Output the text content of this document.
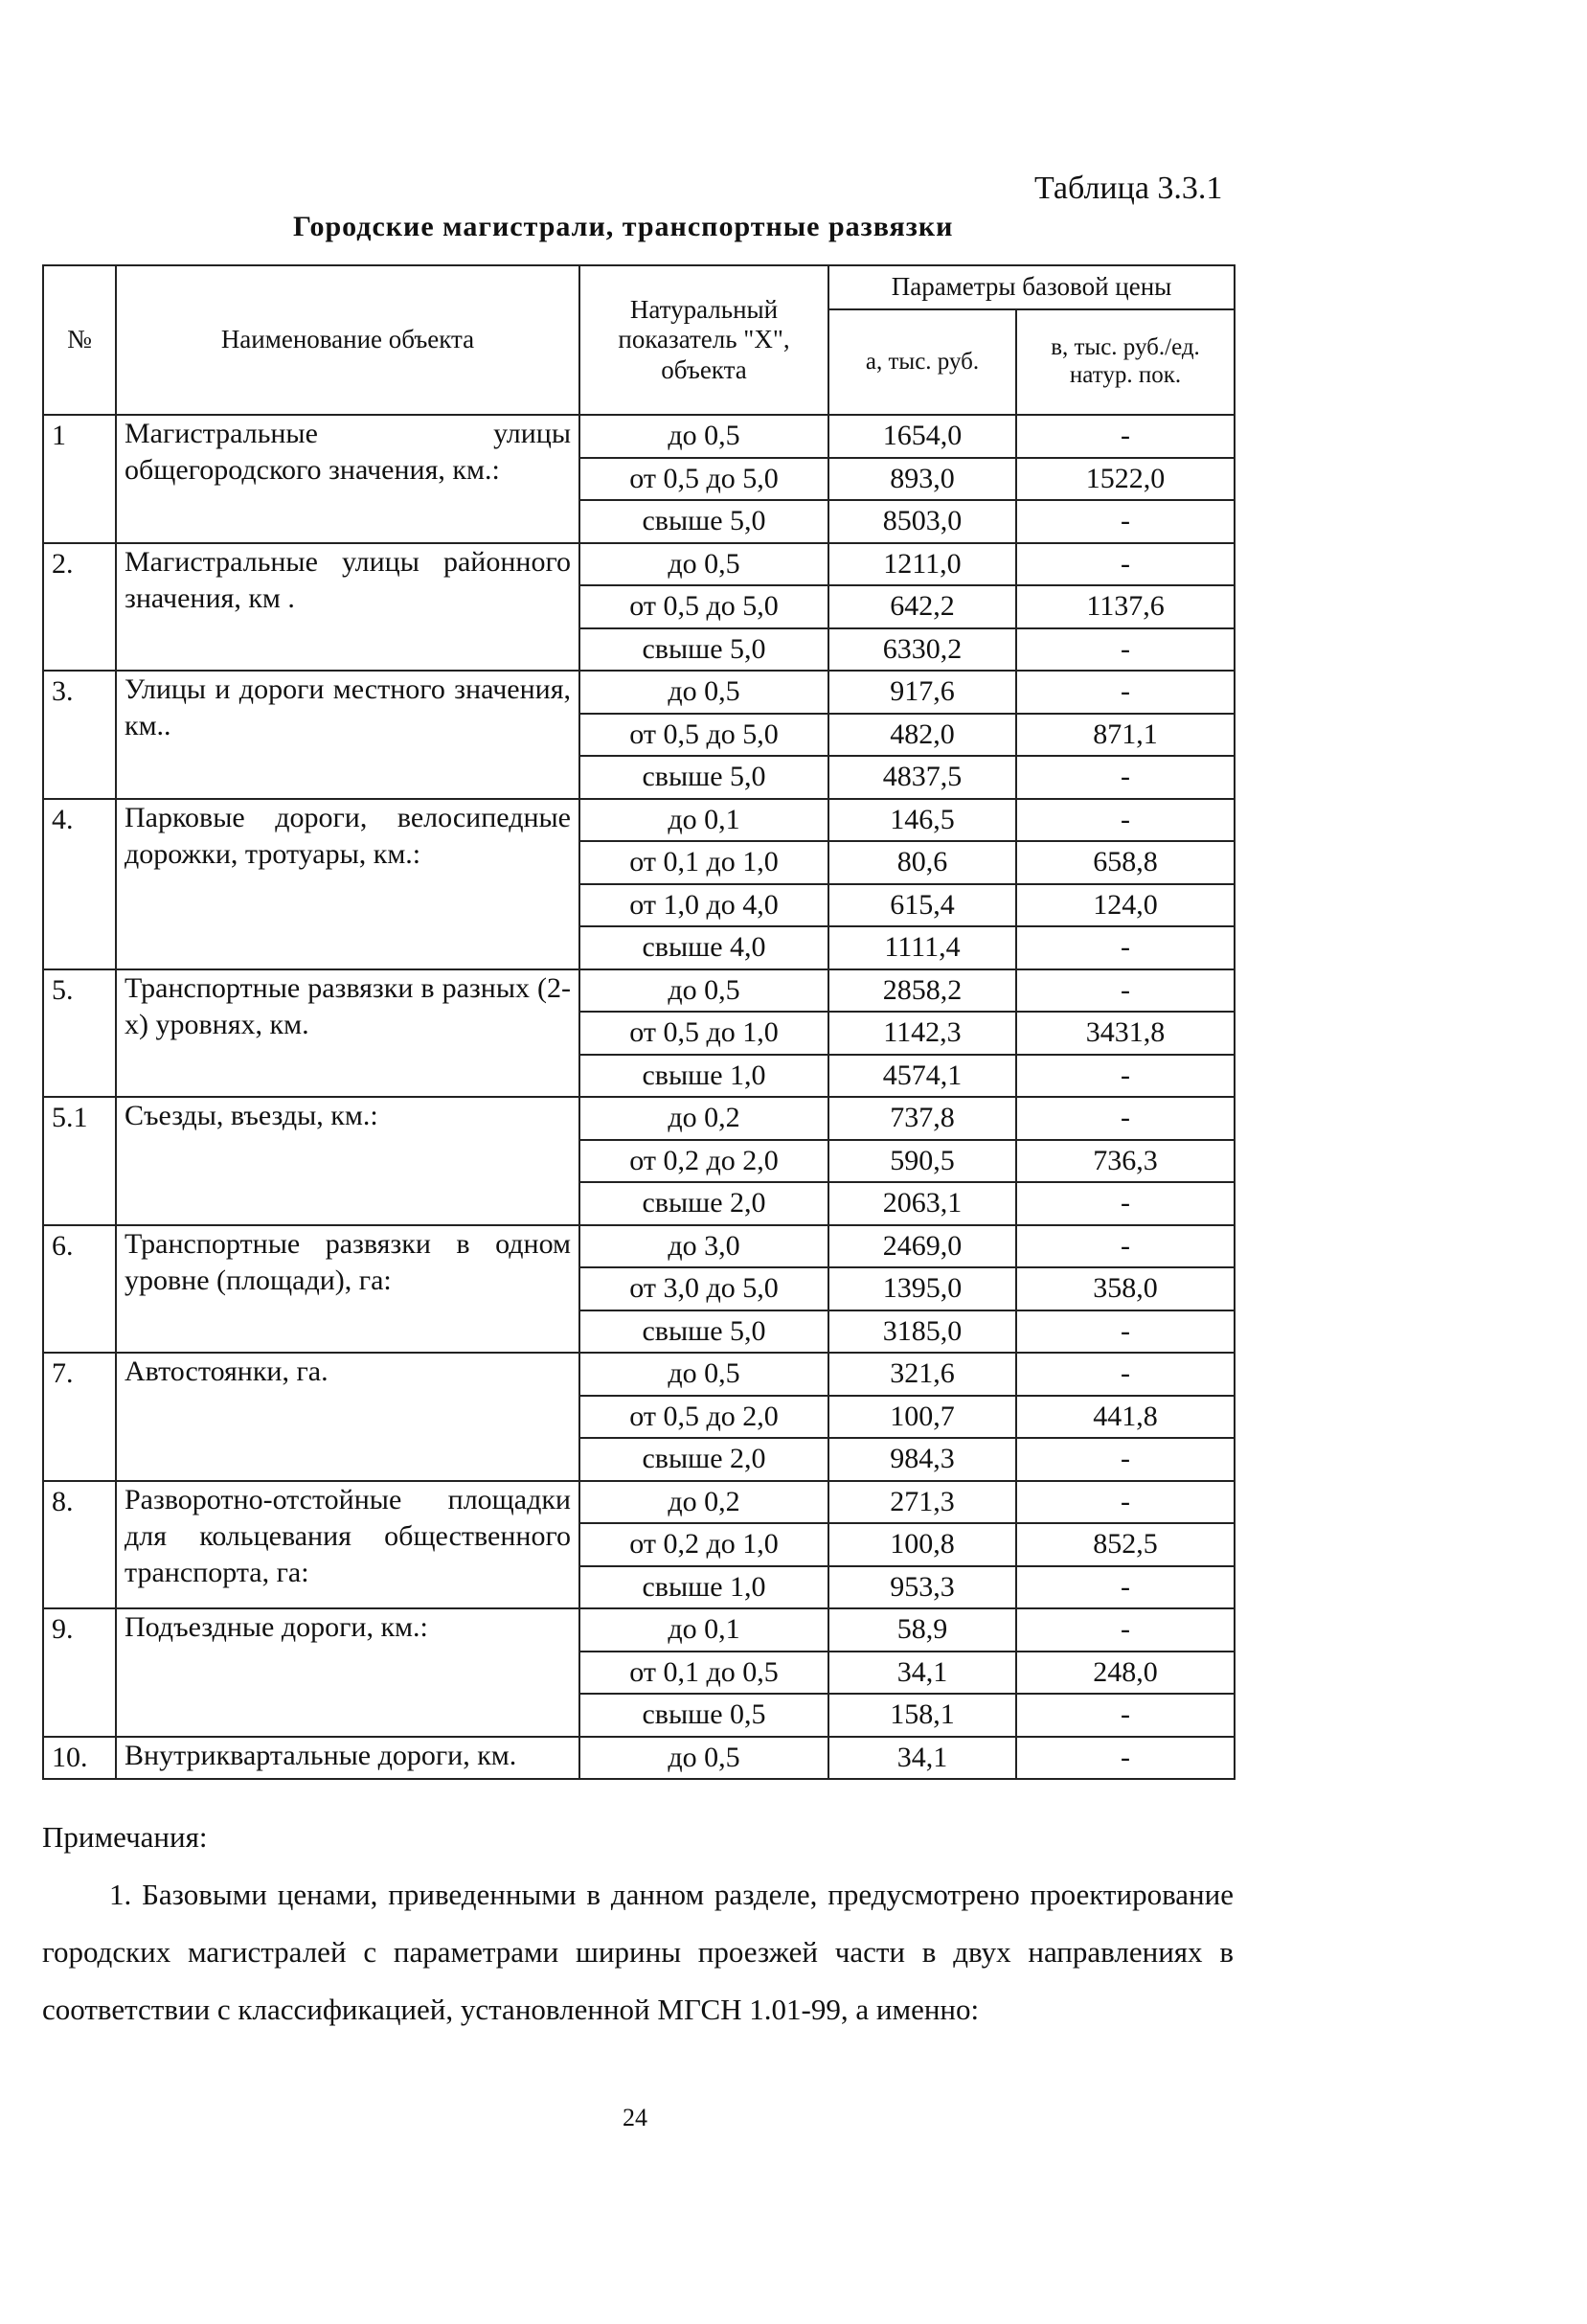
Таблица 3.3.1
Городские магистрали, транспортные развязки
№	Наименование объекта	Натуральный показатель "X", объекта	Параметры базовой цены	
			а, тыс. руб.	в, тыс. руб./ед. натур. пок.
1	Магистральные улицы общегородского значения, км.:	до 0,5	1654,0	-
		от 0,5 до 5,0	893,0	1522,0
		свыше 5,0	8503,0	-
2.	Магистральные улицы районного значения, км .	до 0,5	1211,0	-
		от 0,5 до 5,0	642,2	1137,6
		свыше 5,0	6330,2	-
3.	Улицы и дороги местного значения, км..	до 0,5	917,6	-
		от 0,5 до 5,0	482,0	871,1
		свыше 5,0	4837,5	-
4.	Парковые дороги, велосипедные дорожки, тротуары, км.:	до 0,1	146,5	-
		от 0,1 до 1,0	80,6	658,8
		от 1,0 до 4,0	615,4	124,0
		свыше 4,0	1111,4	-
5.	Транспортные развязки в разных (2-х) уровнях, км.	до 0,5	2858,2	-
		от 0,5 до 1,0	1142,3	3431,8
		свыше 1,0	4574,1	-
5.1	Съезды, въезды, км.:	до 0,2	737,8	-
		от 0,2 до 2,0	590,5	736,3
		свыше 2,0	2063,1	-
6.	Транспортные развязки в одном уровне (площади), га:	до 3,0	2469,0	-
		от 3,0 до 5,0	1395,0	358,0
		свыше 5,0	3185,0	-
7.	Автостоянки, га.	до 0,5	321,6	-
		от 0,5 до 2,0	100,7	441,8
		свыше 2,0	984,3	-
8.	Разворотно-отстойные площадки для кольцевания общественного транспорта, га:	до 0,2	271,3	-
		от 0,2 до 1,0	100,8	852,5
		свыше 1,0	953,3	-
9.	Подъездные дороги, км.:	до 0,1	58,9	-
		от 0,1 до 0,5	34,1	248,0
		свыше 0,5	158,1	-
10.	Внутриквартальные дороги, км.	до 0,5	34,1	-

Примечания:

1. Базовыми ценами, приведенными в данном разделе, предусмотрено проектирование городских магистралей с параметрами ширины проезжей части в двух направлениях в соответствии с классификацией, установленной МГСН 1.01-99, а именно:

24
